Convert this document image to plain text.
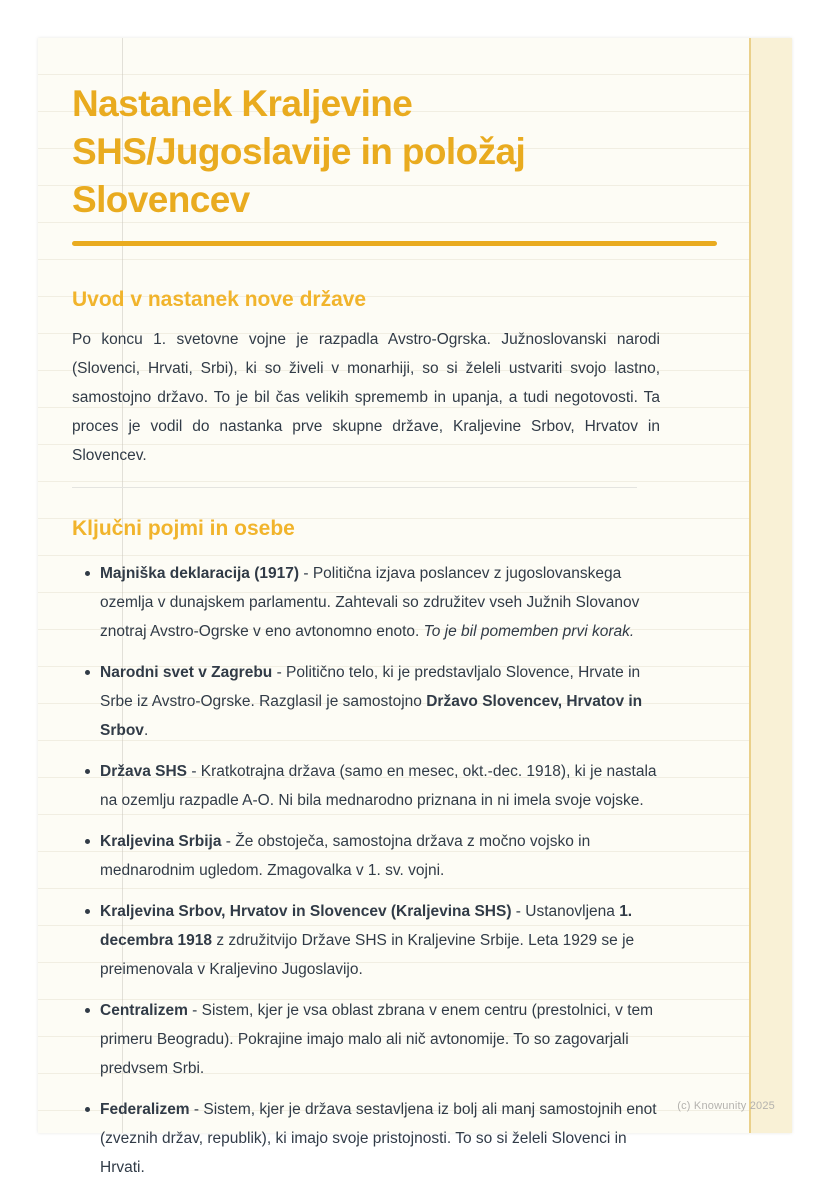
Nastanek Kraljevine SHS/Jugoslavije in položaj Slovencev
Uvod v nastanek nove države

Po koncu 1. svetovne vojne je razpadla Avstro-Ogrska. Južnoslovanski narodi (Slovenci, Hrvati, Srbi), ki so živeli v monarhiji, so si želeli ustvariti svojo lastno, samostojno državo. To je bil čas velikih sprememb in upanja, a tudi negotovosti. Ta proces je vodil do nastanka prve skupne države, Kraljevine Srbov, Hrvatov in Slovencev.

Ključni pojmi in osebe
Majniška deklaracija (1917) - Politična izjava poslancev z jugoslovanskega ozemlja v dunajskem parlamentu. Zahtevali so združitev vseh Južnih Slovanov znotraj Avstro-Ogrske v eno avtonomno enoto. To je bil pomemben prvi korak.
Narodni svet v Zagrebu - Politično telo, ki je predstavljalo Slovence, Hrvate in Srbe iz Avstro-Ogrske. Razglasil je samostojno Državo Slovencev, Hrvatov in Srbov.
Država SHS - Kratkotrajna država (samo en mesec, okt.-dec. 1918), ki je nastala na ozemlju razpadle A-O. Ni bila mednarodno priznana in ni imela svoje vojske.
Kraljevina Srbija - Že obstoječa, samostojna država z močno vojsko in mednarodnim ugledom. Zmagovalka v 1. sv. vojni.
Kraljevina Srbov, Hrvatov in Slovencev (Kraljevina SHS) - Ustanovljena 1. decembra 1918 z združitvijo Države SHS in Kraljevine Srbije. Leta 1929 se je preimenovala v Kraljevino Jugoslavijo.
Centralizem - Sistem, kjer je vsa oblast zbrana v enem centru (prestolnici, v tem primeru Beogradu). Pokrajine imajo malo ali nič avtonomije. To so zagovarjali predvsem Srbi.
Federalizem - Sistem, kjer je država sestavljena iz bolj ali manj samostojnih enot (zveznih držav, republik), ki imajo svoje pristojnosti. To so si želeli Slovenci in Hrvati.
(c) Knowunity 2025
